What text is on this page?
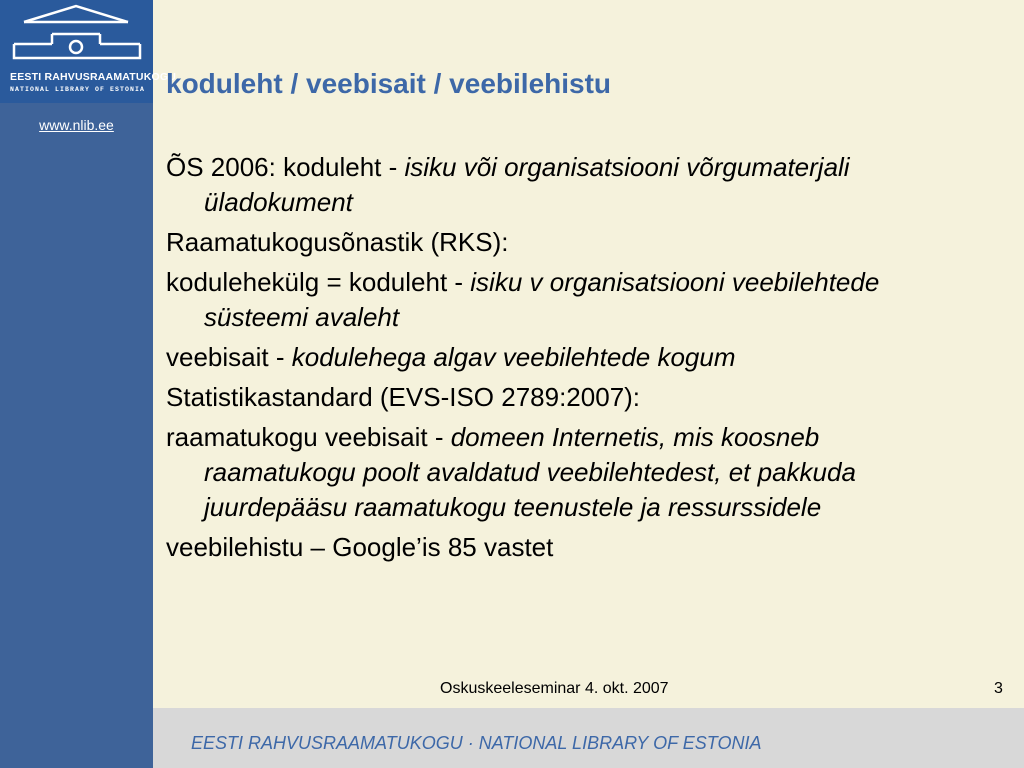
EESTI RAHVUSRAAMATUKOGU
NATIONAL LIBRARY OF ESTONIA
www.nlib.ee
koduleht / veebisait / veebilehistu
ÕS 2006: koduleht - isiku või organisatsiooni võrgumaterjali üladokument
Raamatukogusõnastik (RKS):
kodulehekülg = koduleht - isiku v organisatsiooni veebilehtede süsteemi avaleht
veebisait - kodulehega algav veebilehtede kogum
Statistikastandard (EVS-ISO 2789:2007):
raamatukogu veebisait - domeen Internetis, mis koosneb raamatukogu poolt avaldatud veebilehtedest, et pakkuda juurdepääsu raamatukogu teenustele ja ressurssidele
veebilehistu – Google’is 85 vastet
Oskuskeeleseminar 4. okt. 2007	3
EESTI RAHVUSRAAMATUKOGU · NATIONAL LIBRARY OF ESTONIA
